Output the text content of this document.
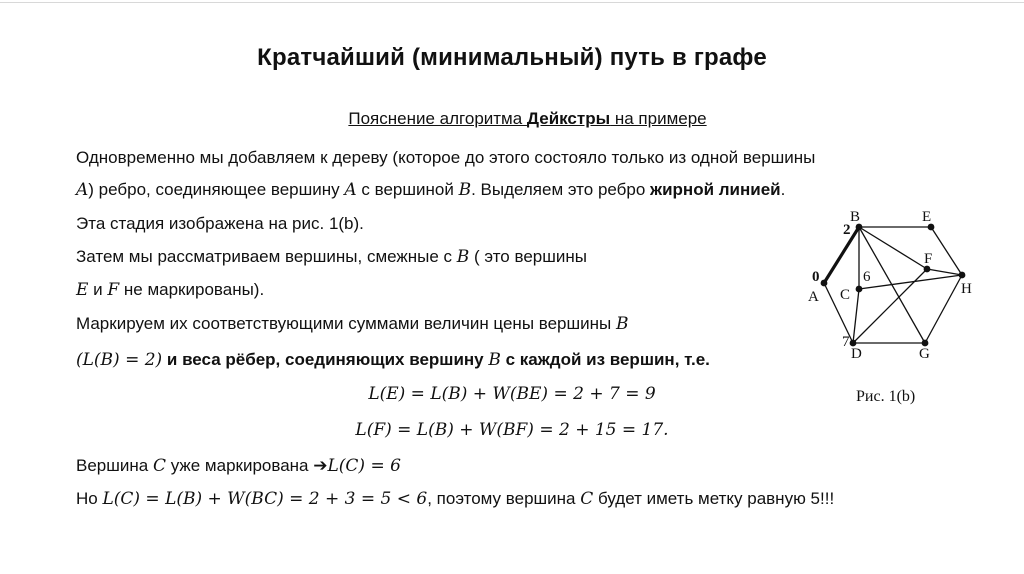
Кратчайший (минимальный) путь в графе
Пояснение алгоритма Дейкстры на примере
Одновременно мы добавляем к дереву (которое до этого состояло только из одной вершины
A) ребро, соединяющее вершину A с вершиной B. Выделяем это ребро жирной линией.
Эта стадия изображена на рис. 1(b).
Затем мы рассматриваем вершины, смежные с B ( это вершины
E и F не маркированы).
Маркируем их соответствующими суммами величин цены вершины B
(L(B) = 2) и веса рёбер, соединяющих вершину B с каждой из вершин, т.е.
L(E) = L(B) + W(BE) = 2 + 7 = 9
L(F) = L(B) + W(BF) = 2 + 15 = 17.
Вершина C уже маркирована ➔L(C) = 6
Но L(C) = L(B) + W(BC) = 2 + 3 = 5 < 6, поэтому вершина C будет иметь метку равную 5!!!
B	E
F
H
A C
D	G
2
0	6
7
Рис. 1(b)
